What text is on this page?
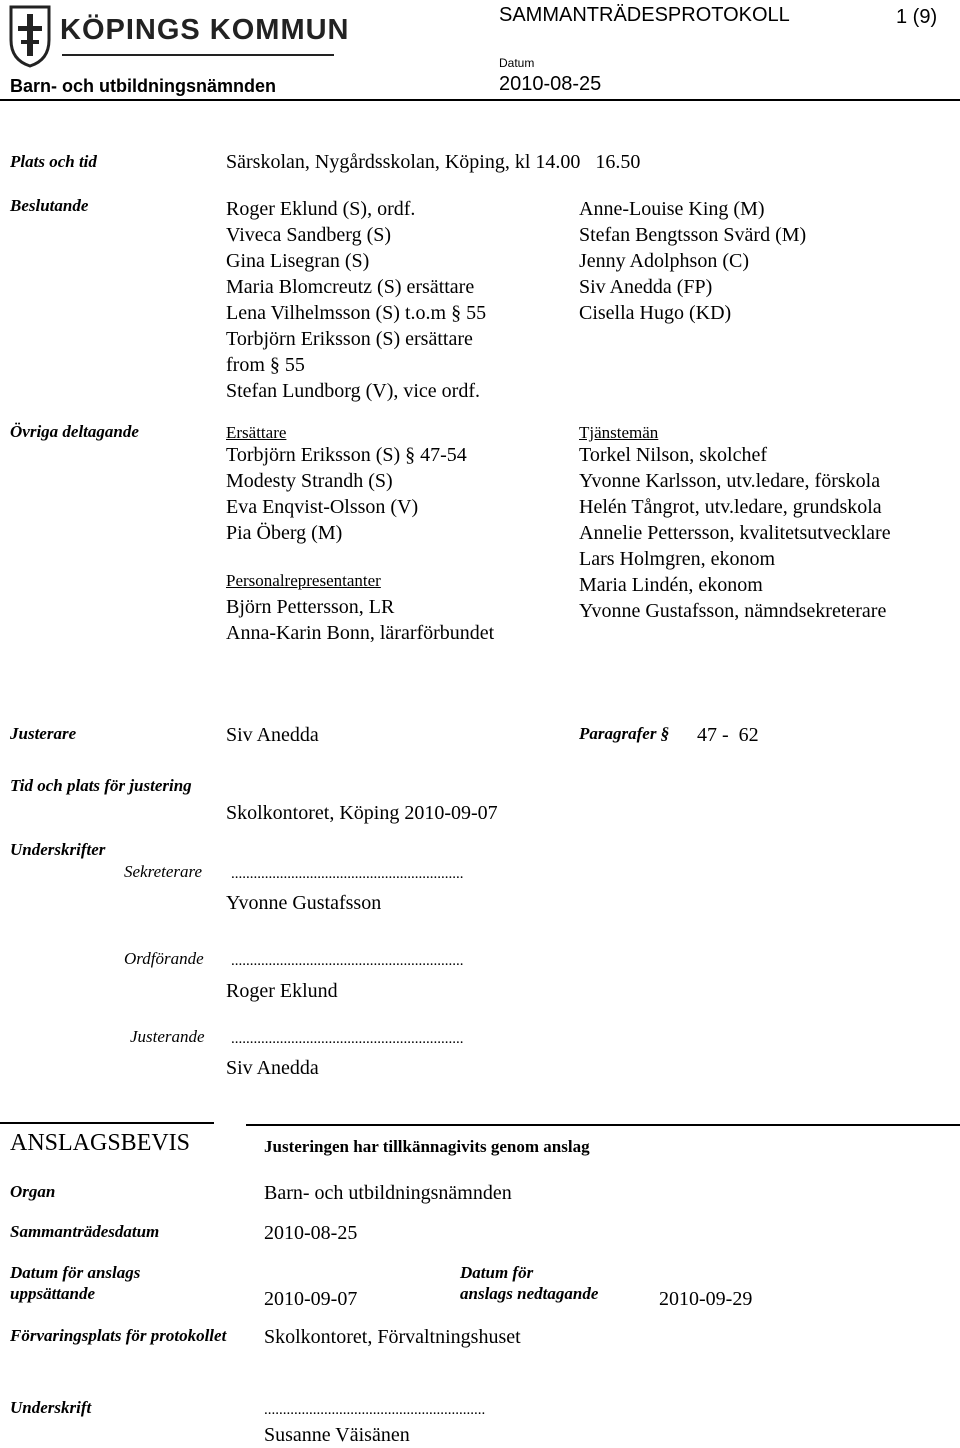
KÖPINGS KOMMUN	SAMMANTRÄDESPROTOKOLL	1 (9)
Barn- och utbildningsnämnden
Datum
2010-08-25
Plats och tid	Särskolan, Nygårdsskolan, Köping, kl 14.00   16.50
Beslutande	Roger Eklund (S), ordf.
Viveca Sandberg (S)
Gina Lisegran (S)
Maria Blomcreutz (S) ersättare
Lena Vilhelmsson (S) t.o.m § 55
Torbjörn Eriksson (S) ersättare
from § 55
Stefan Lundborg (V), vice ordf.
Anne-Louise King (M)
Stefan Bengtsson Svärd (M)
Jenny Adolphson (C)
Siv Anedda (FP)
Cisella Hugo (KD)
Övriga deltagande	Ersättare
Torbjörn Eriksson (S) § 47-54
Modesty Strandh (S)
Eva Enqvist-Olsson (V)
Pia Öberg (M)
Personalrepresentanter
Björn Pettersson, LR
Anna-Karin Bonn, lärarförbundet
Tjänstemän
Torkel Nilson, skolchef
Yvonne Karlsson, utv.ledare, förskola
Helén Tångrot, utv.ledare, grundskola
Annelie Pettersson, kvalitetsutvecklare
Lars Holmgren, ekonom
Maria Lindén, ekonom
Yvonne Gustafsson, nämndsekreterare
Justerare	Siv Anedda	Paragrafer § 47 -  62
Tid och plats för justering
Skolkontoret, Köping 2010-09-07
Underskrifter
Sekreterare ..............................................................
Yvonne Gustafsson
Ordförande ..............................................................
Roger Eklund
Justerande ..............................................................
Siv Anedda
ANSLAGSBEVIS	Justeringen har tillkännagivits genom anslag
Organ	Barn- och utbildningsnämnden
Sammanträdesdatum	2010-08-25
Datum för anslags
uppsättande	2010-09-07
Datum för
anslags nedtagande	2010-09-29
Förvaringsplats för protokollet Skolkontoret, Förvaltningshuset
Underskrift	...........................................................
Susanne Väisänen
